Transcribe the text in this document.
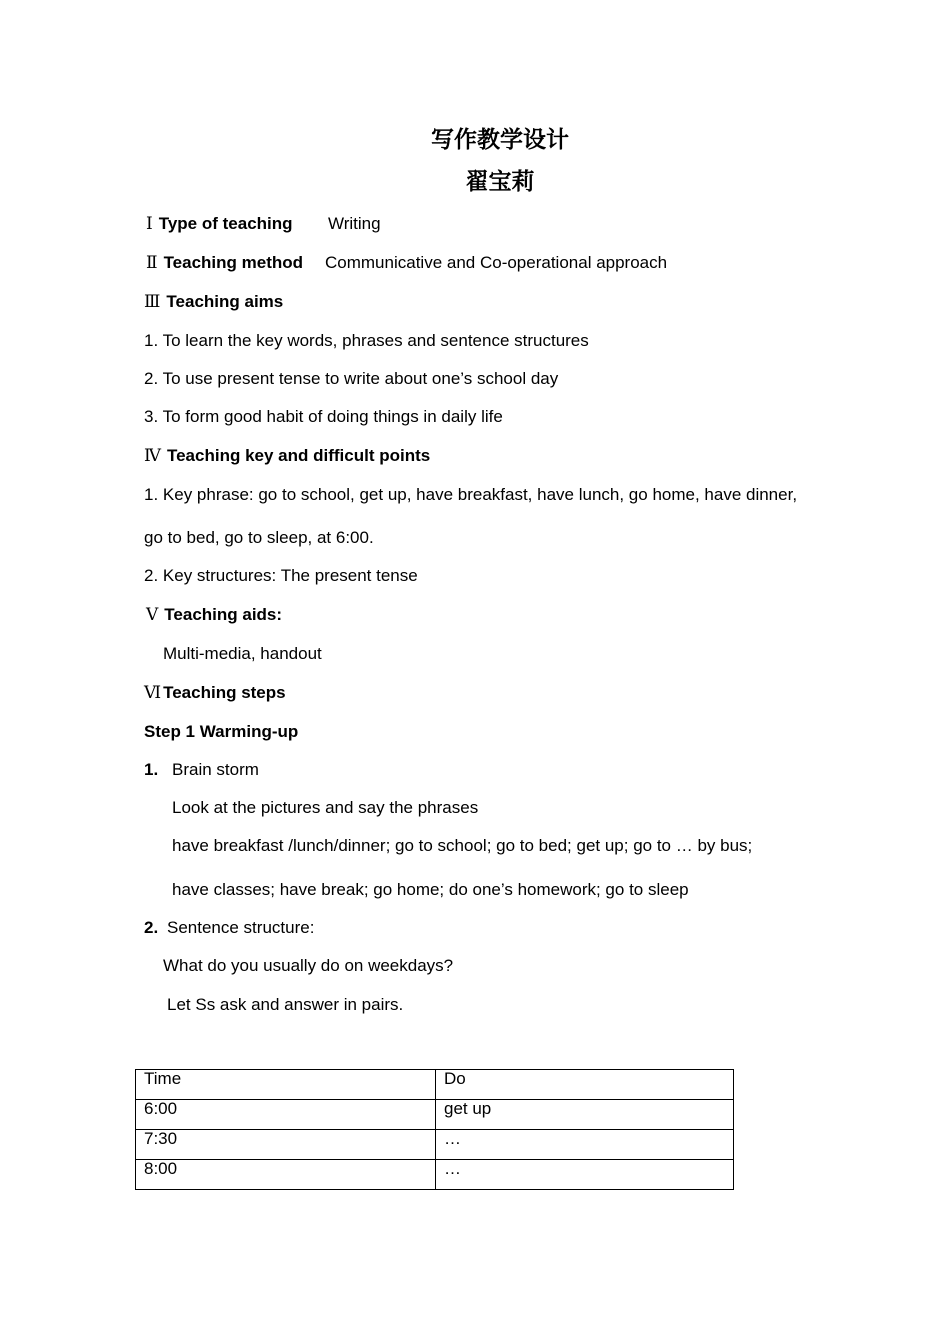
写作教学设计
翟宝莉
Ⅰ Type of teaching Writing
Ⅱ Teaching method Communicative and Co-operational approach
Ⅲ Teaching aims
1. To learn the key words, phrases and sentence structures
2. To use present tense to write about one’s school day
3. To form good habit of doing things in daily life
Ⅳ Teaching key and difficult points
1. Key phrase: go to school, get up, have breakfast, have lunch, go home, have dinner,
go to bed, go to sleep, at 6:00.
2. Key structures: The present tense
Ⅴ Teaching aids:
Multi-media, handout
Ⅵ Teaching steps
Step 1 Warming-up
1. Brain storm
Look at the pictures and say the phrases
have breakfast /lunch/dinner; go to school; go to bed; get up; go to … by bus;
have classes; have break; go home; do one’s homework; go to sleep
2. Sentence structure:
What do you usually do on weekdays?
Let Ss ask and answer in pairs.
Time	Do
6:00	get up
7:30	…
8:00	…
